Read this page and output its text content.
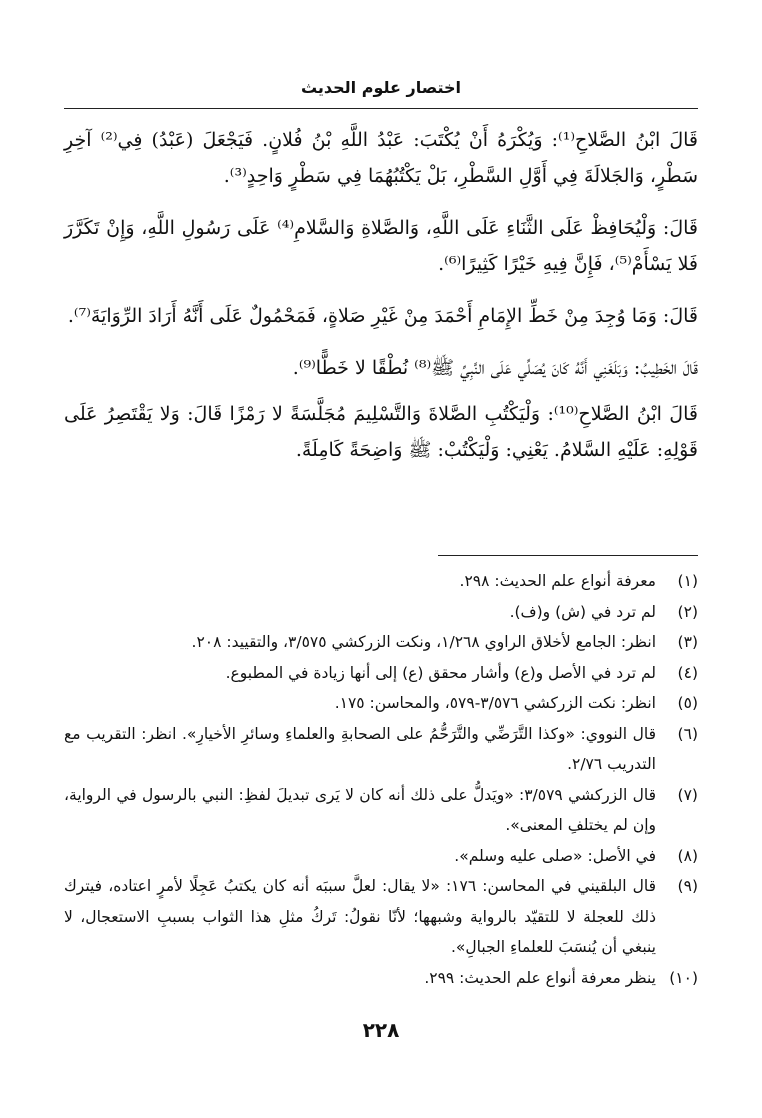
اختصار علوم الحديث

قَالَ ابْنُ الصَّلاحِ⁽¹⁾: وَيُكْرَهُ أَنْ يُكْتَبَ: عَبْدُ اللَّهِ بْنُ فُلانٍ. فَيَجْعَلَ (عَبْدُ) فِي⁽²⁾ آخِرِ سَطْرٍ، وَالجَلالَةَ فِي أَوَّلِ السَّطْرِ، بَلْ يَكْتُبُهُمَا فِي سَطْرٍ وَاحِدٍ⁽³⁾.

قَالَ: وَلْيُحَافِظْ عَلَى الثَّنَاءِ عَلَى اللَّهِ، وَالصَّلاةِ وَالسَّلامِ⁽⁴⁾ عَلَى رَسُولِ اللَّهِ، وَإِنْ تَكَرَّرَ فَلا يَسْأَمْ⁽⁵⁾، فَإِنَّ فِيهِ خَيْرًا كَثِيرًا⁽⁶⁾.

قَالَ: وَمَا وُجِدَ مِنْ خَطِّ الإِمَامِ أَحْمَدَ مِنْ غَيْرِ صَلاةٍ، فَمَحْمُولٌ عَلَى أَنَّهُ أَرَادَ الرِّوَايَةَ⁽⁷⁾.

قَالَ الخَطِيبُ: وَبَلَغَنِي أَنَّهُ كَانَ يُصَلِّي عَلَى النَّبِيِّ ﷺ⁽⁸⁾ نُطْقًا لا خَطًّا⁽⁹⁾.

قَالَ ابْنُ الصَّلاحِ⁽¹⁰⁾: وَلْيَكْتُبِ الصَّلاةَ وَالتَّسْلِيمَ مُجَلَّسَةً لا رَمْزًا قَالَ: وَلا يَقْتَصِرُ عَلَى قَوْلِهِ: عَلَيْهِ السَّلامُ. يَعْنِي: وَلْيَكْتُبْ: ﷺ وَاضِحَةً كَامِلَةً.

(١)معرفة أنواع علم الحديث: ٢٩٨.

(٢)لم ترد في (ش) و(ف).

(٣)انظر: الجامع لأخلاق الراوي ١/٢٦٨، ونكت الزركشي ٣/٥٧٥، والتقييد: ٢٠٨.

(٤)لم ترد في الأصل و(ع) وأشار محقق (ع) إلى أنها زيادة في المطبوع.

(٥)انظر: نكت الزركشي ٣/٥٧٦-٥٧٩، والمحاسن: ١٧٥.

(٦)قال النووي: «وكذا التَّرَضِّي والتَّرَحُّمُ على الصحابةِ والعلماءِ وسائرِ الأخيارِ». انظر: التقريب مع التدريب ٢/٧٦.

(٧)قال الزركشي ٣/٥٧٩: «ويَدلُّ على ذلك أنه كان لا يَرى تبديلَ لفظِ: النبي بالرسول في الرواية، وإن لم يختلفِ المعنى».

(٨)في الأصل: «صلى عليه وسلم».

(٩)قال البلقيني في المحاسن: ١٧٦: «لا يقال: لعلَّ سببَه أنه كان يكتبُ عَجِلًا لأمرٍ اعتاده، فيترك ذلك للعجلة لا للتقيّد بالرواية وشبهها؛ لأنّا نقولُ: تَركُ مثلِ هذا الثواب بسببِ الاستعجال، لا ينبغي أن يُنسَبَ للعلماءِ الجبالِ».

(١٠)ينظر معرفة أنواع علم الحديث: ٢٩٩.

٢٢٨
